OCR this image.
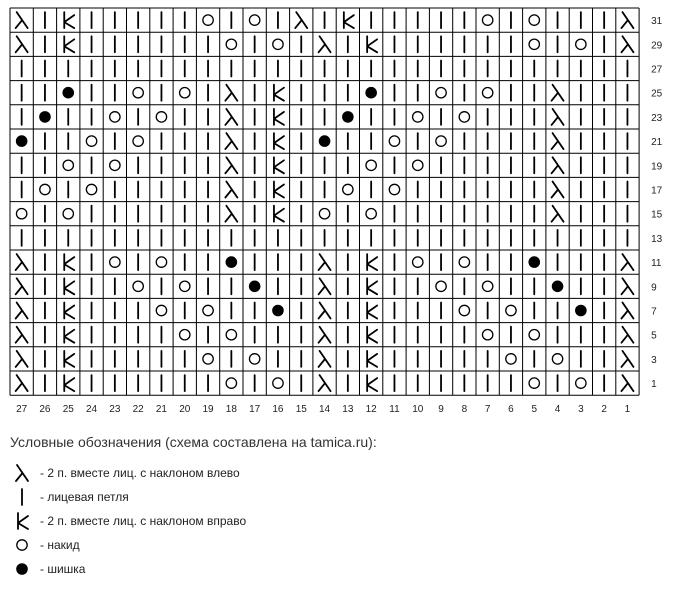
31
29
27
25
23
21
19
17
15
13
11
9
7
5
3
1
27 26 25 24 23 22 21 20 19 18 17 16 15 14 13 12 11 10 9 8 7 6 5 4 3 2 1
Условные обозначения (схема составлена на tamica.ru):
- 2 п. вместе лиц. с наклоном влево
- лицевая петля
- 2 п. вместе лиц. с наклоном вправо
- накид
- шишка
